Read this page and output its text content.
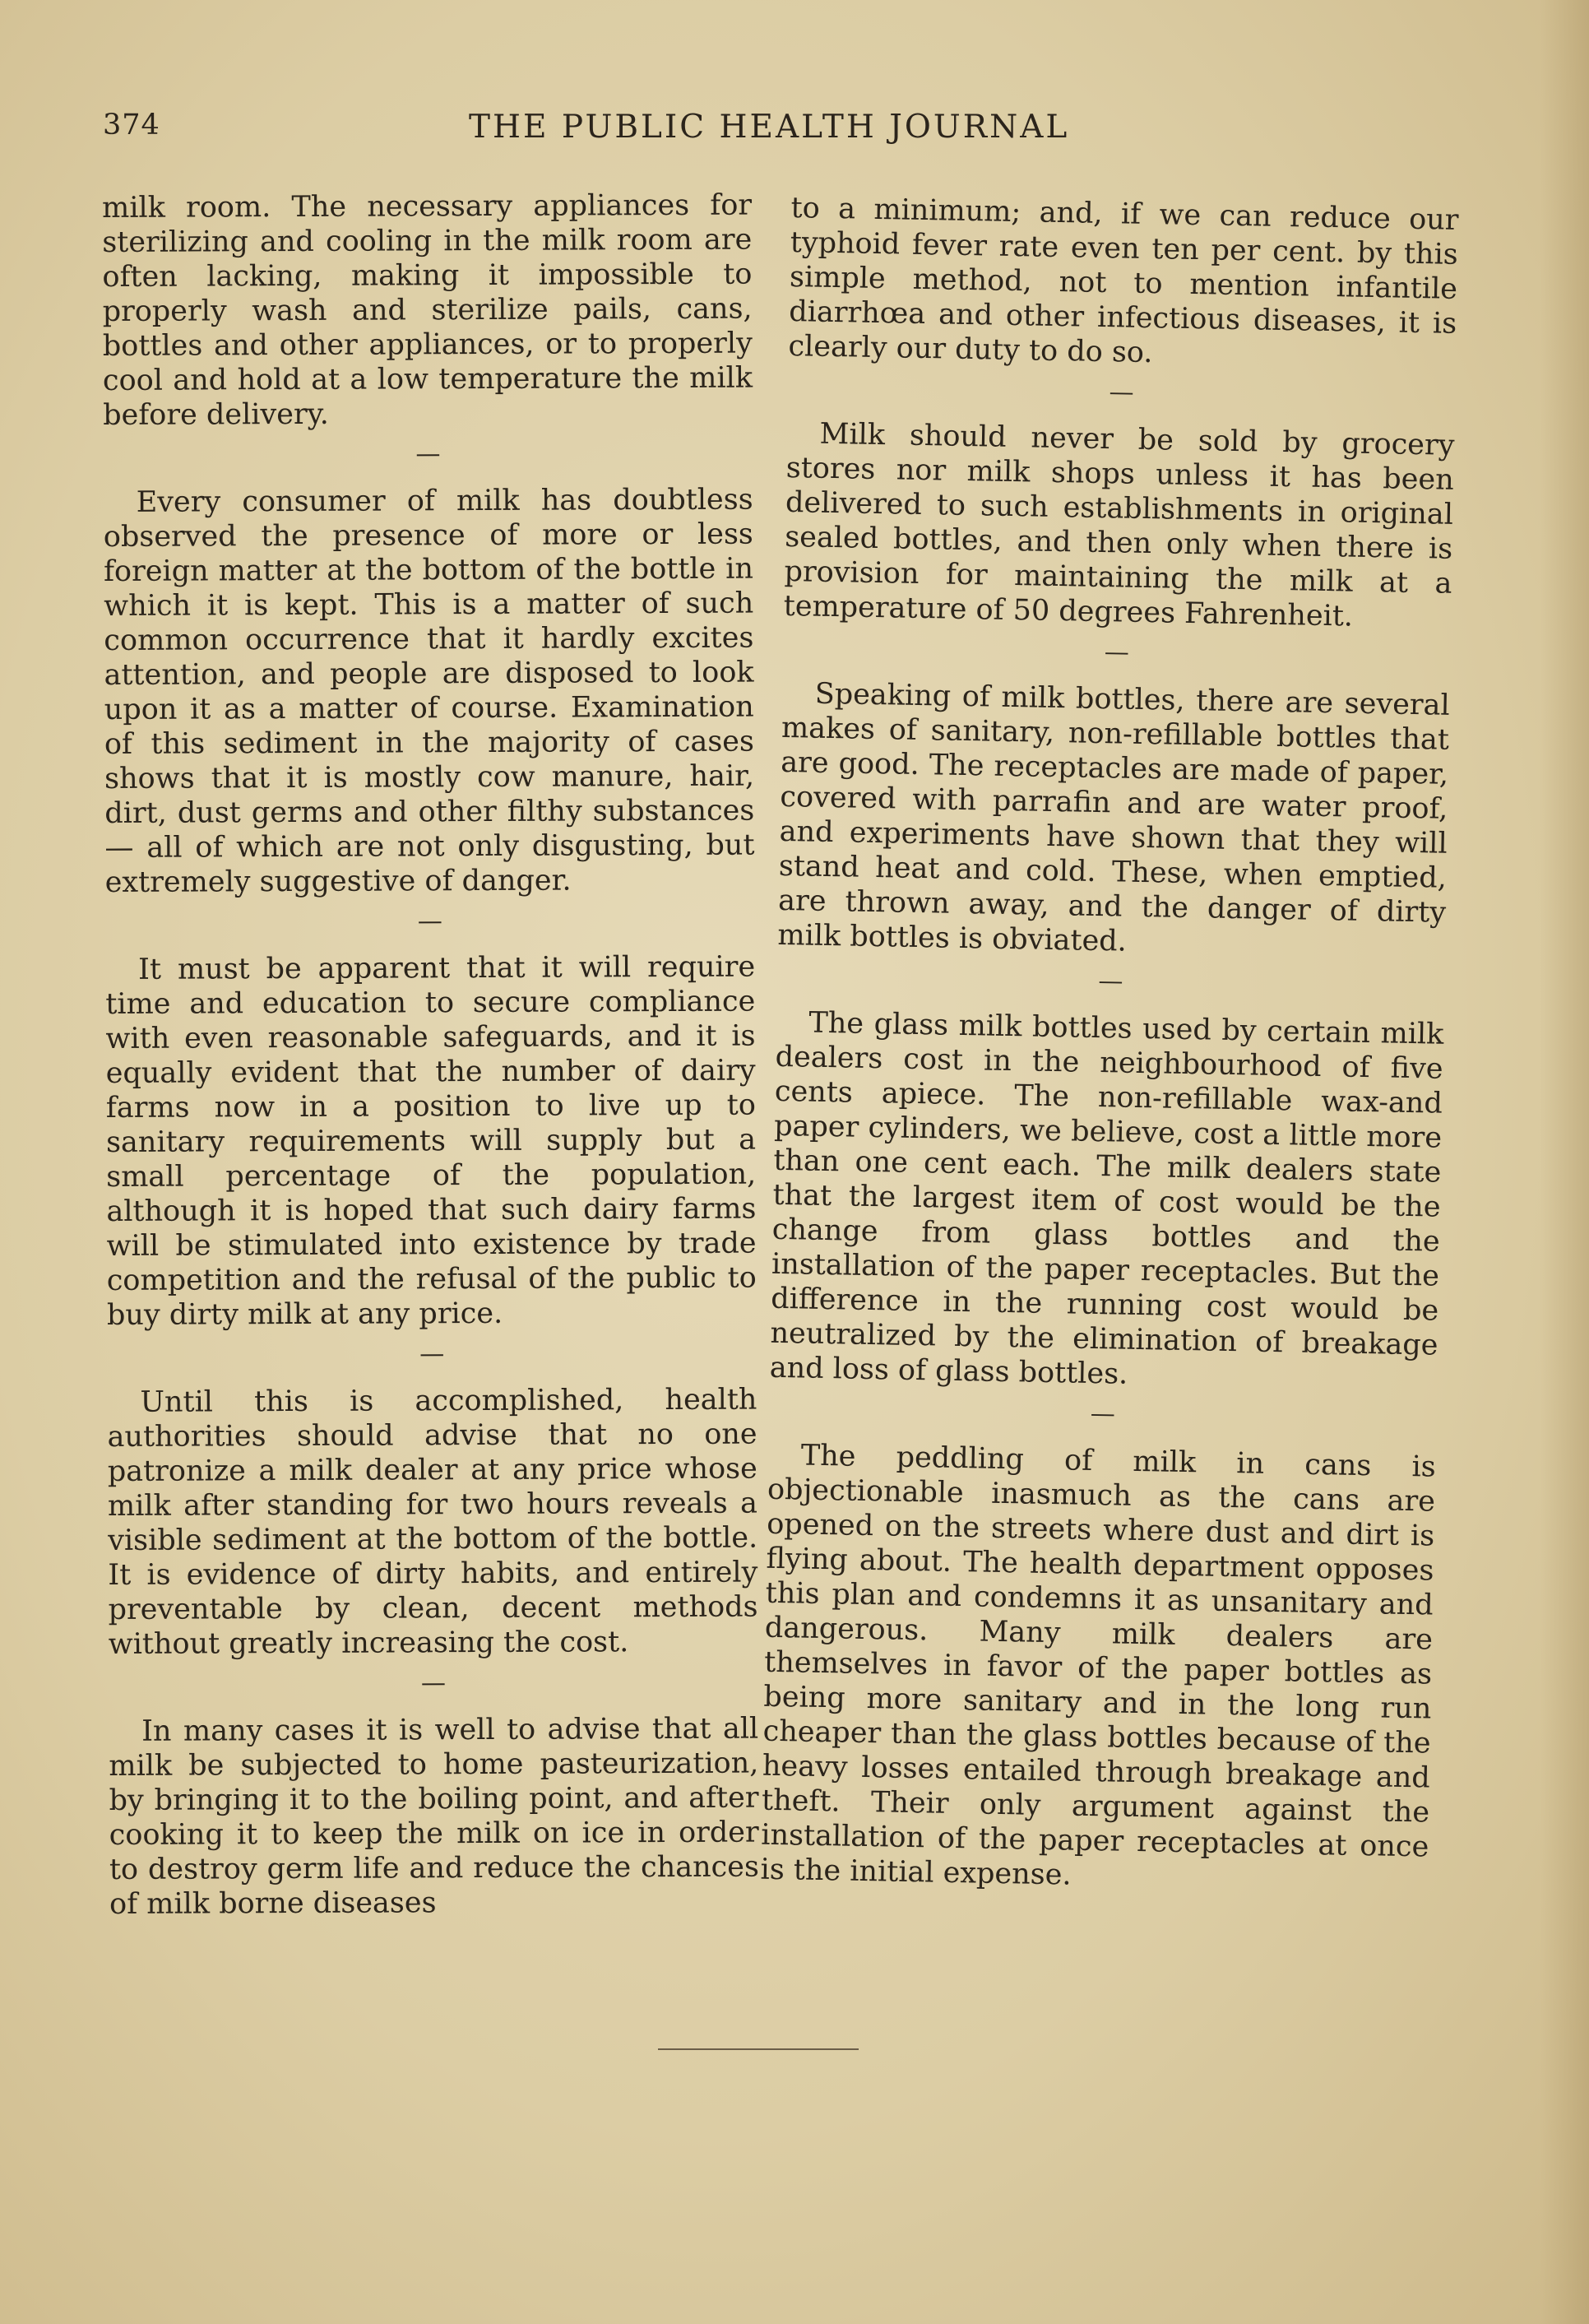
374	THE PUBLIC HEALTH JOURNAL

milk room. The necessary appliances for sterilizing and cooling in the milk room are often lacking, making it impossible to properly wash and sterilize pails, cans, bottles and other appliances, or to properly cool and hold at a low temperature the milk before delivery.

—

Every consumer of milk has doubtless observed the presence of more or less foreign matter at the bottom of the bottle in which it is kept. This is a matter of such common occurrence that it hardly excites attention, and people are disposed to look upon it as a matter of course. Examination of this sediment in the majority of cases shows that it is mostly cow manure, hair, dirt, dust germs and other filthy substances — all of which are not only disgusting, but extremely suggestive of danger.

—

It must be apparent that it will require time and education to secure compliance with even reasonable safeguards, and it is equally evident that the number of dairy farms now in a position to live up to sanitary requirements will supply but a small percentage of the population, although it is hoped that such dairy farms will be stimulated into existence by trade competition and the refusal of the public to buy dirty milk at any price.

—

Until this is accomplished, health authorities should advise that no one patronize a milk dealer at any price whose milk after standing for two hours reveals a visible sediment at the bottom of the bottle. It is evidence of dirty habits, and entirely preventable by clean, decent methods without greatly increasing the cost.

—

In many cases it is well to advise that all milk be subjected to home pasteurization, by bringing it to the boiling point, and after cooking it to keep the milk on ice in order to destroy germ life and reduce the chances of milk borne diseases

to a minimum; and, if we can reduce our typhoid fever rate even ten per cent. by this simple method, not to mention infantile diarrhœa and other infectious diseases, it is clearly our duty to do so.

—

Milk should never be sold by grocery stores nor milk shops unless it has been delivered to such establishments in original sealed bottles, and then only when there is provision for maintaining the milk at a temperature of 50 degrees Fahrenheit.

—

Speaking of milk bottles, there are several makes of sanitary, non-refillable bottles that are good. The receptacles are made of paper, covered with parrafin and are water proof, and experiments have shown that they will stand heat and cold. These, when emptied, are thrown away, and the danger of dirty milk bottles is obviated.

—

The glass milk bottles used by certain milk dealers cost in the neighbourhood of five cents apiece. The non-refillable wax-and paper cylinders, we believe, cost a little more than one cent each. The milk dealers state that the largest item of cost would be the change from glass bottles and the installation of the paper receptacles. But the difference in the running cost would be neutralized by the elimination of breakage and loss of glass bottles.

—

The peddling of milk in cans is objectionable inasmuch as the cans are opened on the streets where dust and dirt is flying about. The health department opposes this plan and condemns it as unsanitary and dangerous. Many milk dealers are themselves in favor of the paper bottles as being more sanitary and in the long run cheaper than the glass bottles because of the heavy losses entailed through breakage and theft. Their only argument against the installation of the paper receptacles at once is the initial expense.
